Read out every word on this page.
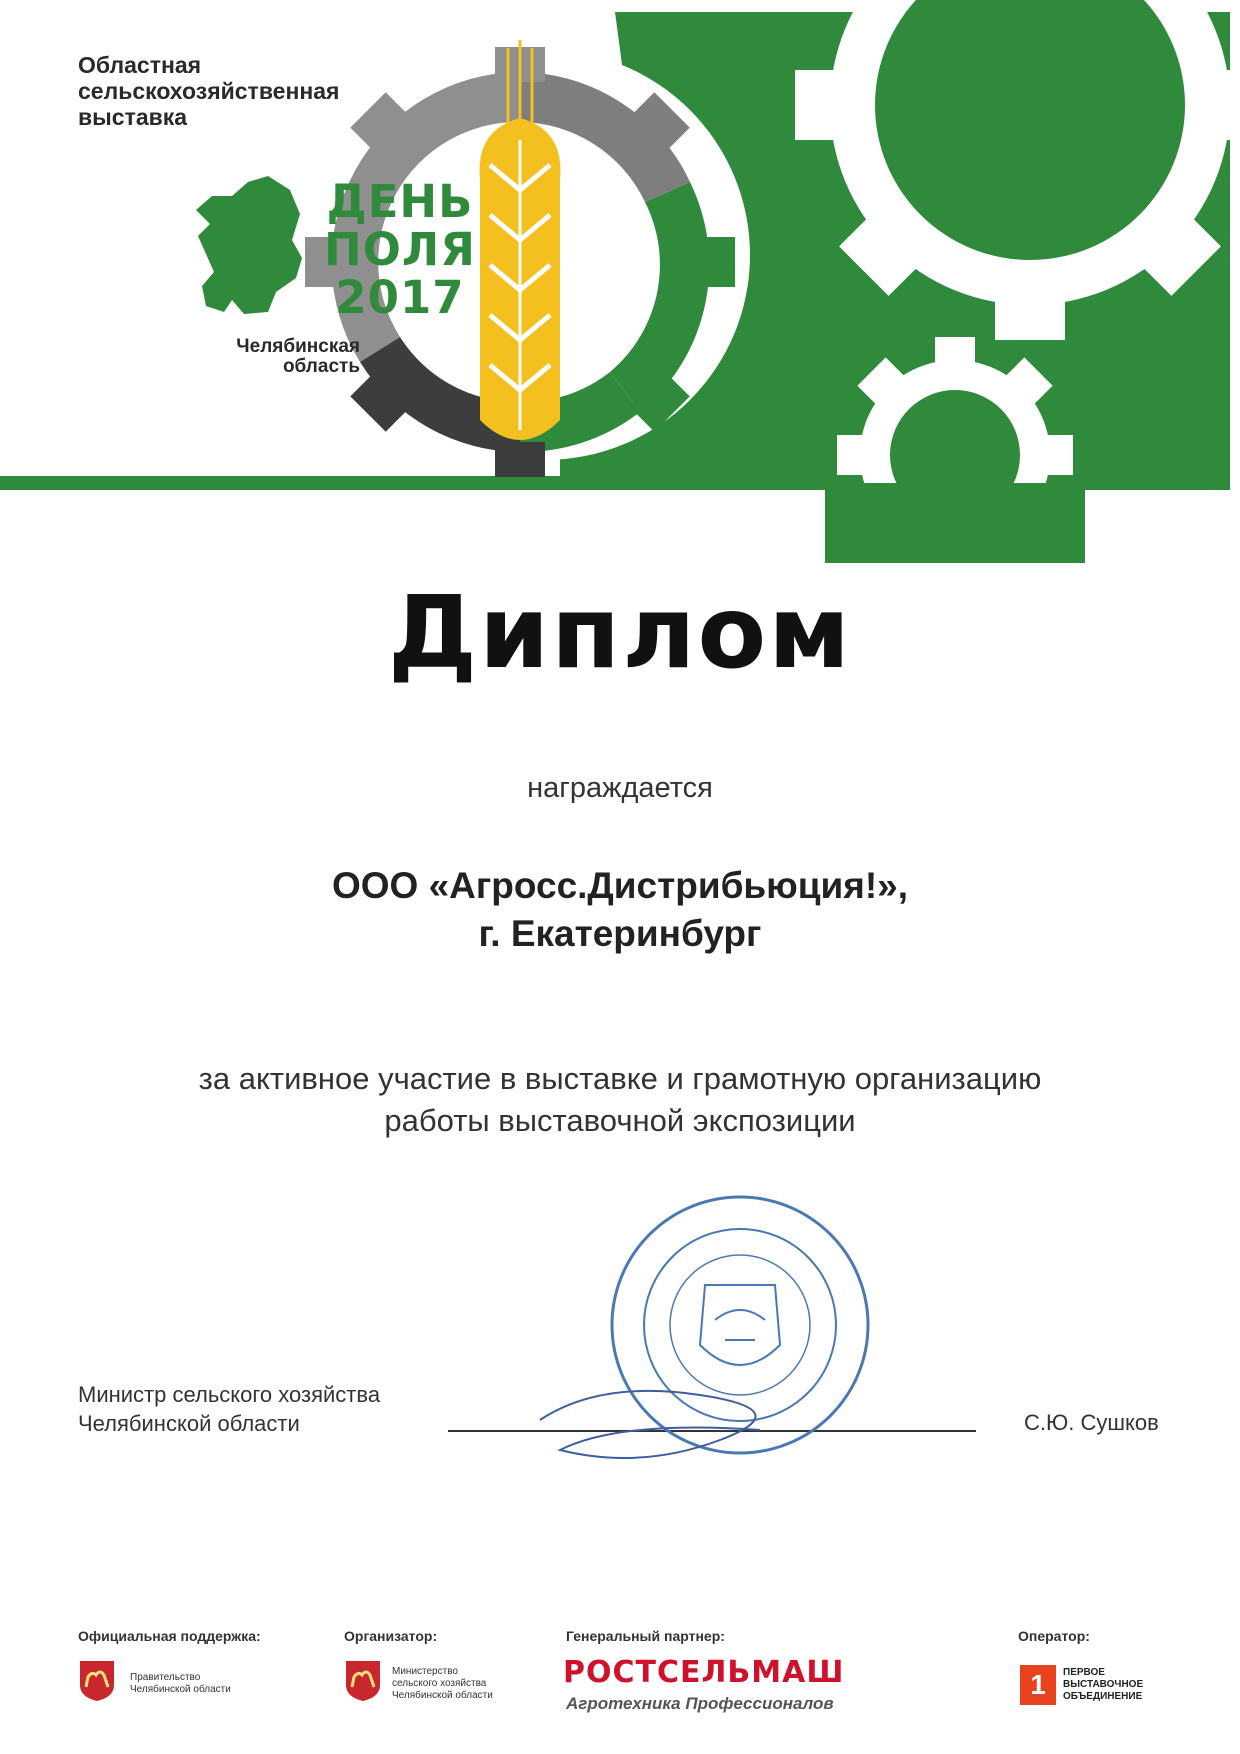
Областная
сельскохозяйственная
выставка
ДЕНЬ
ПОЛЯ
2017
Челябинская
область
Диплом
награждается
ООО «Агросс.Дистрибьюция!»,
г. Екатеринбург
за активное участие в выставке и грамотную организацию
работы выставочной экспозиции
Министр сельского хозяйства
Челябинской области	С.Ю. Сушков
Официальная поддержка:
Правительство
Челябинской области
Организатор:
Министерство
сельского хозяйства
Челябинской области
Генеральный партнер:
РОСТСЕЛЬМАШ
Агротехника Профессионалов
Оператор:
1	ПЕРВОЕ
ВЫСТАВОЧНОЕ
ОБЪЕДИНЕНИЕ
